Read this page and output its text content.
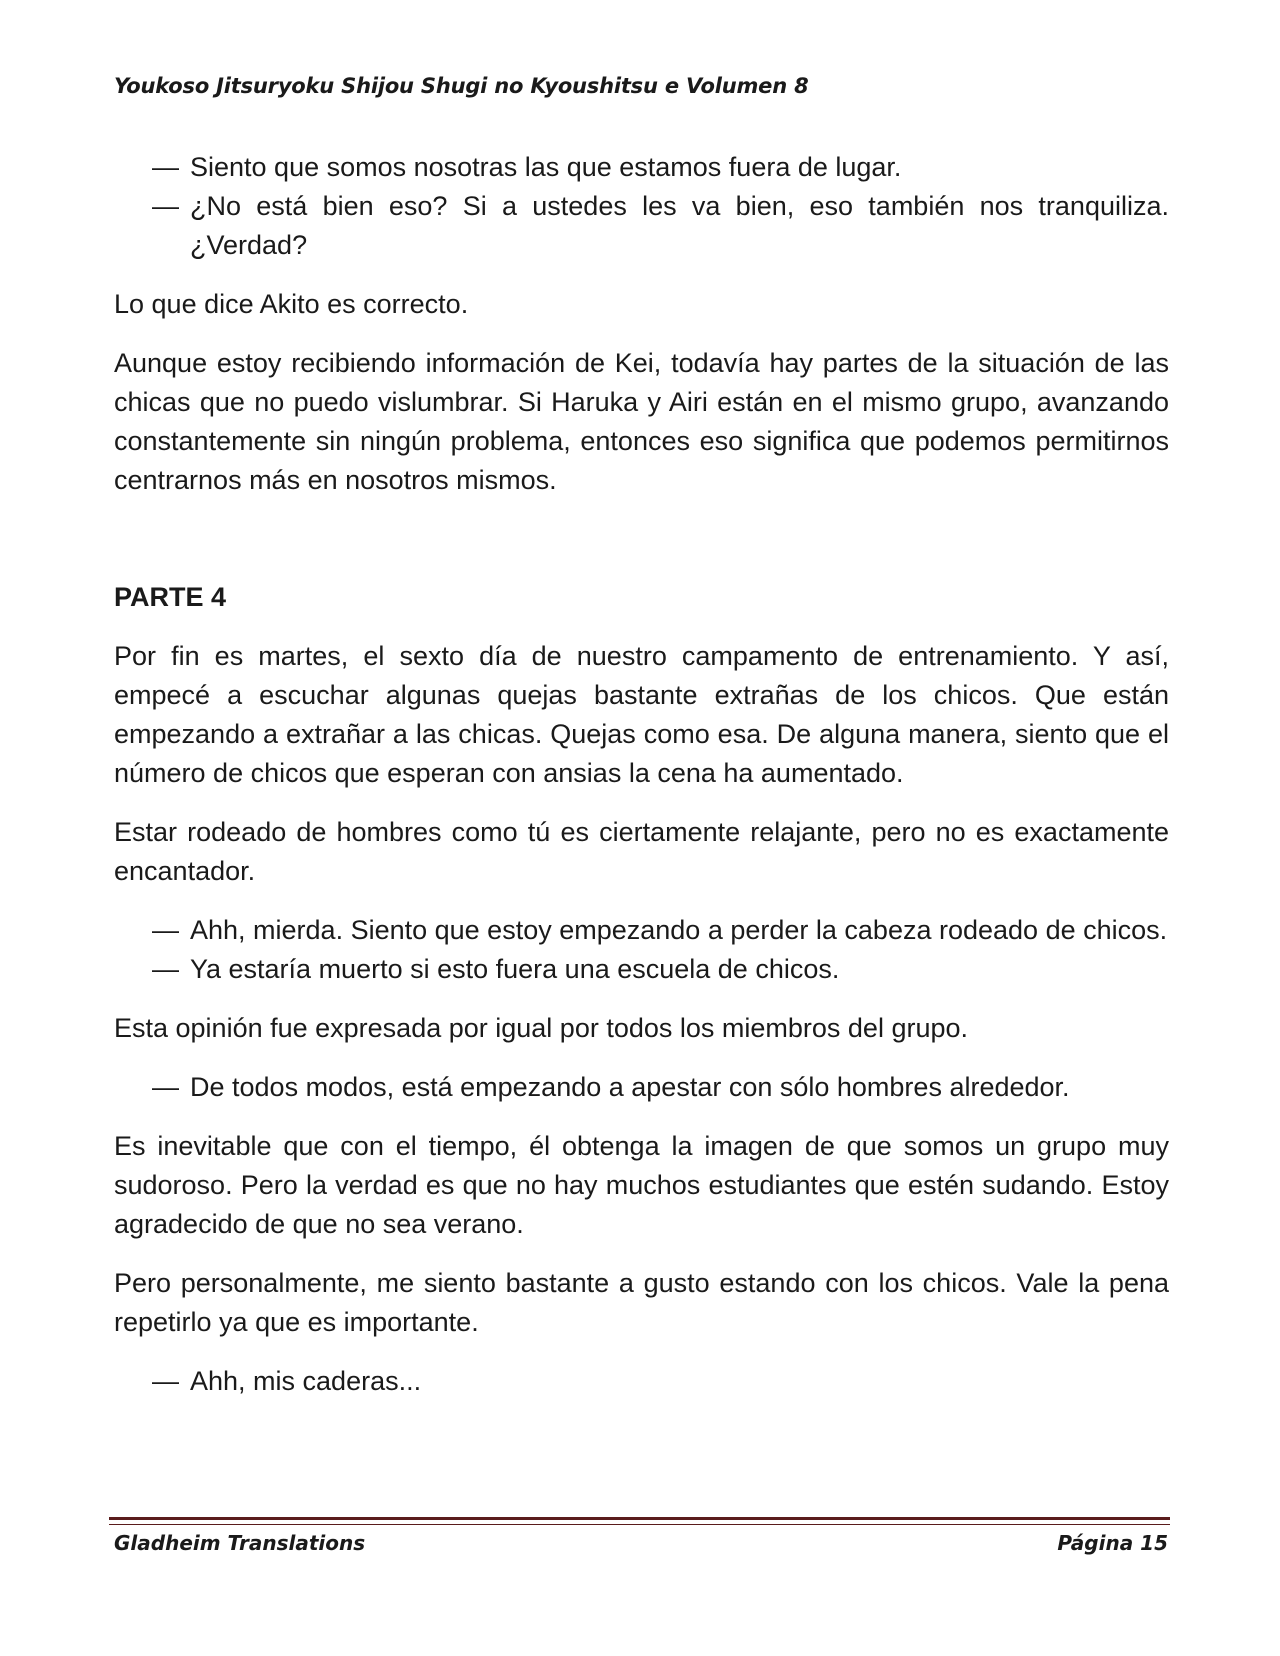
Youkoso Jitsuryoku Shijou Shugi no Kyoushitsu e Volumen 8
— Siento que somos nosotras las que estamos fuera de lugar.
— ¿No está bien eso? Si a ustedes les va bien, eso también nos tranquiliza. ¿Verdad?

Lo que dice Akito es correcto.

Aunque estoy recibiendo información de Kei, todavía hay partes de la situación de las chicas que no puedo vislumbrar. Si Haruka y Airi están en el mismo grupo, avanzando constantemente sin ningún problema, entonces eso significa que podemos permitirnos centrarnos más en nosotros mismos.

PARTE 4

Por fin es martes, el sexto día de nuestro campamento de entrenamiento. Y así, empecé a escuchar algunas quejas bastante extrañas de los chicos. Que están empezando a extrañar a las chicas. Quejas como esa. De alguna manera, siento que el número de chicos que esperan con ansias la cena ha aumentado.

Estar rodeado de hombres como tú es ciertamente relajante, pero no es exactamente encantador.

— Ahh, mierda. Siento que estoy empezando a perder la cabeza rodeado de chicos.
— Ya estaría muerto si esto fuera una escuela de chicos.

Esta opinión fue expresada por igual por todos los miembros del grupo.

— De todos modos, está empezando a apestar con sólo hombres alrededor.

Es inevitable que con el tiempo, él obtenga la imagen de que somos un grupo muy sudoroso. Pero la verdad es que no hay muchos estudiantes que estén sudando. Estoy agradecido de que no sea verano.

Pero personalmente, me siento bastante a gusto estando con los chicos. Vale la pena repetirlo ya que es importante.

— Ahh, mis caderas...
Gladheim Translations	Página 15
